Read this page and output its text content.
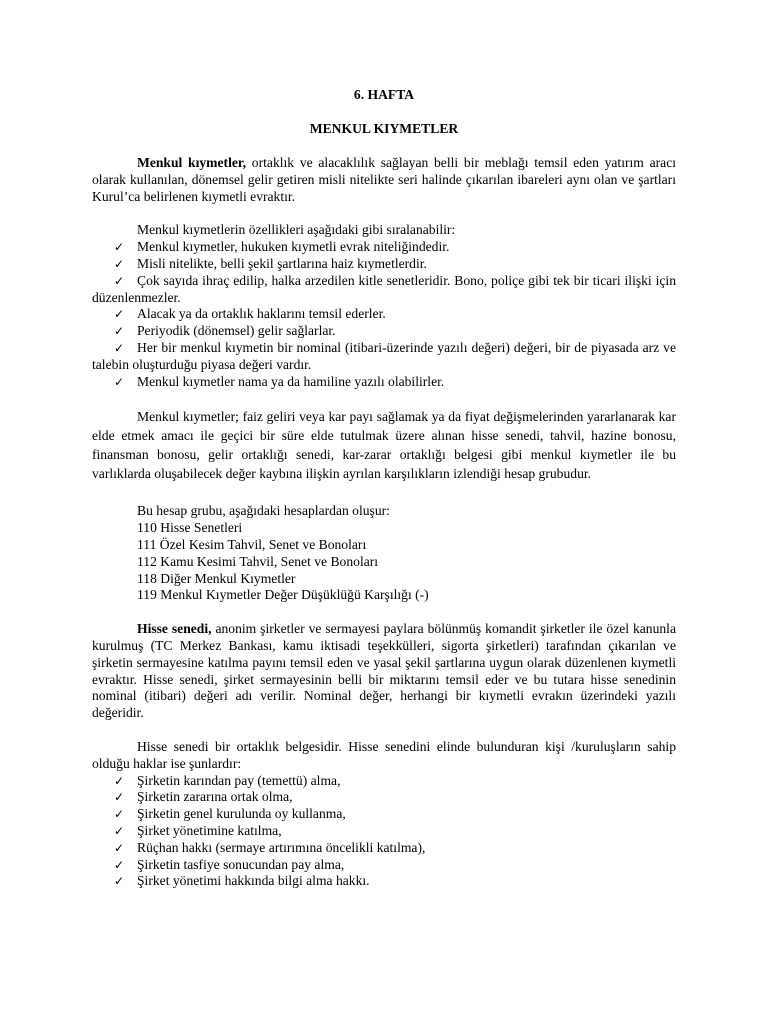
6. HAFTA
MENKUL KIYMETLER

Menkul kıymetler, ortaklık ve alacaklılık sağlayan belli bir meblağı temsil eden yatırım aracı olarak kullanılan, dönemsel gelir getiren misli nitelikte seri halinde çıkarılan ibareleri aynı olan ve şartları Kurul’ca belirlenen kıymetli evraktır.

Menkul kıymetlerin özellikleri aşağıdaki gibi sıralanabilir:
✓ Menkul kıymetler, hukuken kıymetli evrak niteliğindedir.
✓ Misli nitelikte, belli şekil şartlarına haiz kıymetlerdir.
✓ Çok sayıda ihraç edilip, halka arzedilen kitle senetleridir. Bono, poliçe gibi tek bir ticari ilişki için düzenlenmezler.
✓ Alacak ya da ortaklık haklarını temsil ederler.
✓ Periyodik (dönemsel) gelir sağlarlar.
✓ Her bir menkul kıymetin bir nominal (itibari-üzerinde yazılı değeri) değeri, bir de piyasada arz ve talebin oluşturduğu piyasa değeri vardır.
✓ Menkul kıymetler nama ya da hamiline yazılı olabilirler.

Menkul kıymetler; faiz geliri veya kar payı sağlamak ya da fiyat değişmelerinden yararlanarak kar elde etmek amacı ile geçici bir süre elde tutulmak üzere alınan hisse senedi, tahvil, hazine bonosu, finansman bonosu, gelir ortaklığı senedi, kar-zarar ortaklığı belgesi gibi menkul kıymetler ile bu varlıklarda oluşabilecek değer kaybına ilişkin ayrılan karşılıkların izlendiği hesap grubudur.

Bu hesap grubu, aşağıdaki hesaplardan oluşur:
110 Hisse Senetleri
111 Özel Kesim Tahvil, Senet ve Bonoları
112 Kamu Kesimi Tahvil, Senet ve Bonoları
118 Diğer Menkul Kıymetler
119 Menkul Kıymetler Değer Düşüklüğü Karşılığı (-)

Hisse senedi, anonim şirketler ve sermayesi paylara bölünmüş komandit şirketler ile özel kanunla kurulmuş (TC Merkez Bankası, kamu iktisadi teşekkülleri, sigorta şirketleri) tarafından çıkarılan ve şirketin sermayesine katılma payını temsil eden ve yasal şekil şartlarına uygun olarak düzenlenen kıymetli evraktır. Hisse senedi, şirket sermayesinin belli bir miktarını temsil eder ve bu tutara hisse senedinin nominal (itibari) değeri adı verilir. Nominal değer, herhangi bir kıymetli evrakın üzerindeki yazılı değeridir.

Hisse senedi bir ortaklık belgesidir. Hisse senedini elinde bulunduran kişi /kuruluşların sahip olduğu haklar ise şunlardır:

✓ Şirketin karından pay (temettü) alma,
✓ Şirketin zararına ortak olma,
✓ Şirketin genel kurulunda oy kullanma,
✓ Şirket yönetimine katılma,
✓ Rüçhan hakkı (sermaye artırımına öncelikli katılma),
✓ Şirketin tasfiye sonucundan pay alma,
✓ Şirket yönetimi hakkında bilgi alma hakkı.
